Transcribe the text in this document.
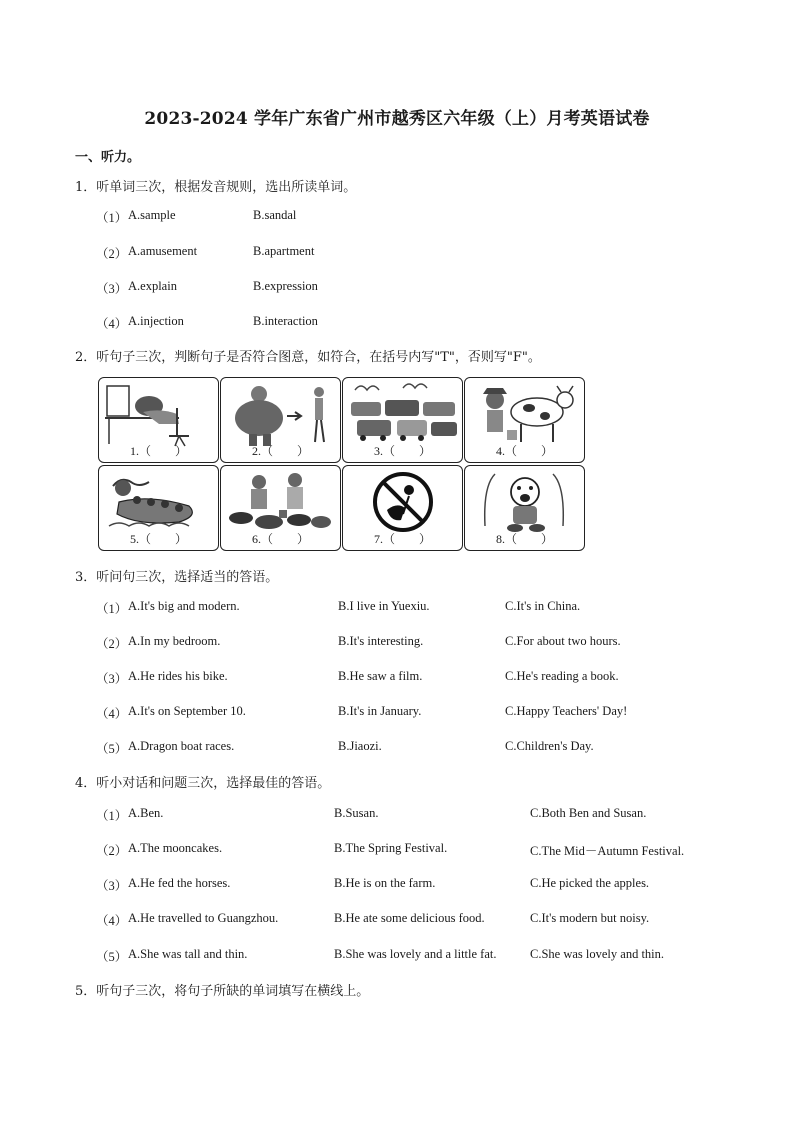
2023-2024 学年广东省广州市越秀区六年级（上）月考英语试卷
一、听力。
1．听单词三次，根据发音规则，选出所读单词。
（1） A.sample	B.sandal
（2） A.amusement	B.apartment
（3） A.explain	B.expression
（4） A.injection	B.interaction
2．听句子三次，判断句子是否符合图意，如符合，在括号内写"T"，否则写"F"。
1.（　　）	2.（　　）	3.（　　）	4.（　　）
5.（　　）	6.（　　）	7.（　　）	8.（　　）
3．听问句三次，选择适当的答语。
（1） A.It's big and modern.	B.I live in Yuexiu.	C.It's in China.
（2） A.In my bedroom.	B.It's interesting.	C.For about two hours.
（3） A.He rides his bike.	B.He saw a film.	C.He's reading a book.
（4） A.It's on September 10.	B.It's in January.	C.Happy Teachers' Day!
（5） A.Dragon boat races.	B.Jiaozi.	C.Children's Day.
4．听小对话和问题三次，选择最佳的答语。
（1） A.Ben.	B.Susan.	C.Both Ben and Susan.
（2） A.The mooncakes.	B.The Spring Festival.	C.The Mid－Autumn Festival.
（3） A.He fed the horses.	B.He is on the farm.	C.He picked the apples.
（4） A.He travelled to Guangzhou.	B.He ate some delicious food.	C.It's modern but noisy.
（5） A.She was tall and thin.	B.She was lovely and a little fat.	C.She was lovely and thin.
5．听句子三次，将句子所缺的单词填写在横线上。
